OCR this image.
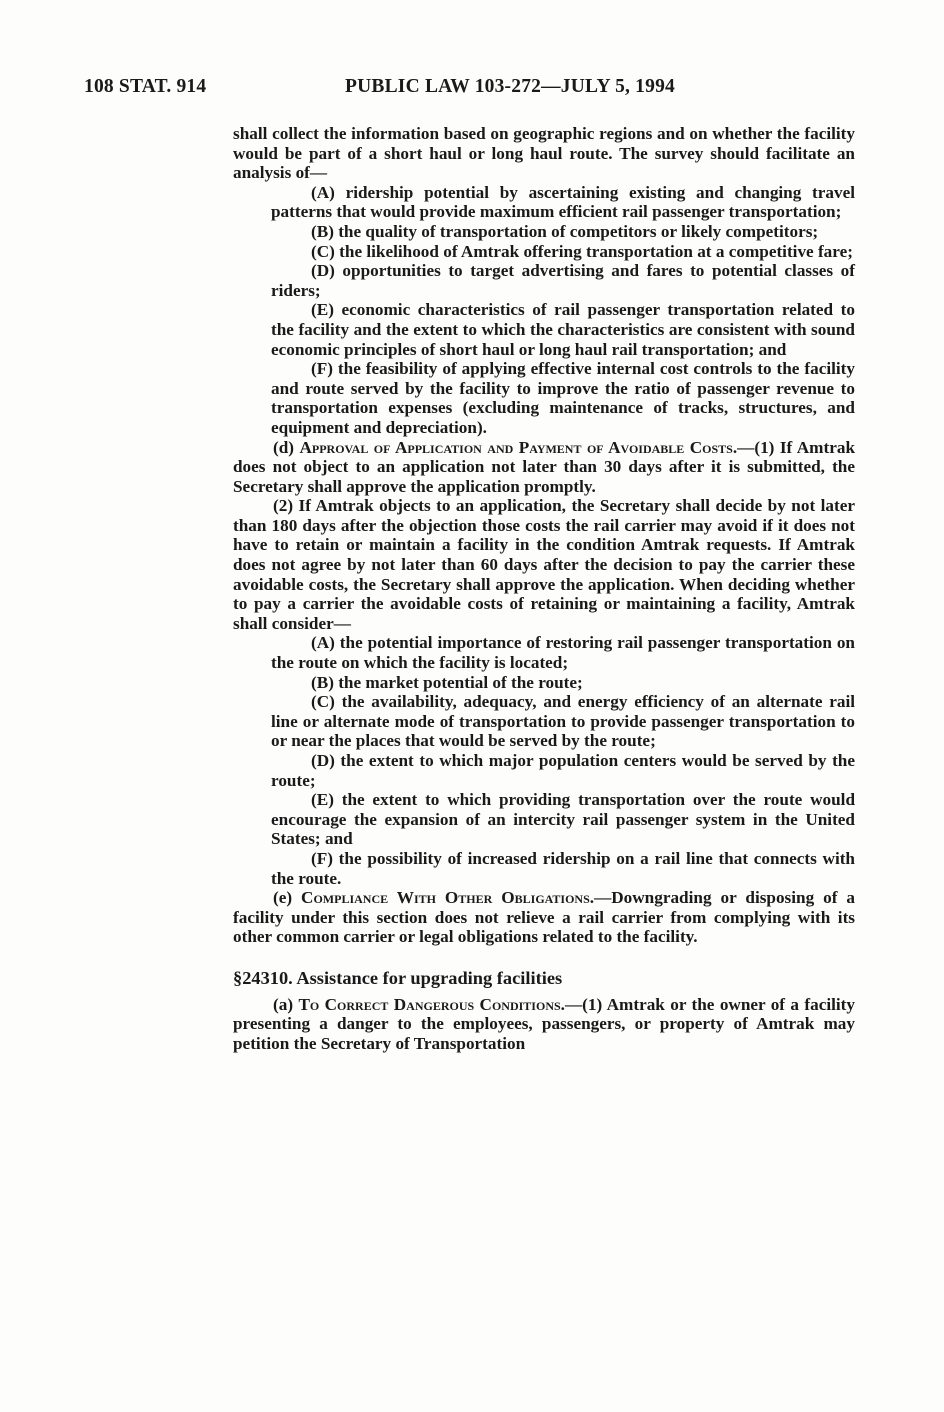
108 STAT. 914	PUBLIC LAW 103-272—JULY 5, 1994

shall collect the information based on geographic regions and on whether the facility would be part of a short haul or long haul route. The survey should facilitate an analysis of—

(A) ridership potential by ascertaining existing and changing travel patterns that would provide maximum efficient rail passenger transportation;

(B) the quality of transportation of competitors or likely competitors;

(C) the likelihood of Amtrak offering transportation at a competitive fare;

(D) opportunities to target advertising and fares to potential classes of riders;

(E) economic characteristics of rail passenger transportation related to the facility and the extent to which the characteristics are consistent with sound economic principles of short haul or long haul rail transportation; and

(F) the feasibility of applying effective internal cost controls to the facility and route served by the facility to improve the ratio of passenger revenue to transportation expenses (excluding maintenance of tracks, structures, and equipment and depreciation).

(d) Approval of Application and Payment of Avoidable Costs.—(1) If Amtrak does not object to an application not later than 30 days after it is submitted, the Secretary shall approve the application promptly.

(2) If Amtrak objects to an application, the Secretary shall decide by not later than 180 days after the objection those costs the rail carrier may avoid if it does not have to retain or maintain a facility in the condition Amtrak requests. If Amtrak does not agree by not later than 60 days after the decision to pay the carrier these avoidable costs, the Secretary shall approve the application. When deciding whether to pay a carrier the avoidable costs of retaining or maintaining a facility, Amtrak shall consider—

(A) the potential importance of restoring rail passenger transportation on the route on which the facility is located;

(B) the market potential of the route;

(C) the availability, adequacy, and energy efficiency of an alternate rail line or alternate mode of transportation to provide passenger transportation to or near the places that would be served by the route;

(D) the extent to which major population centers would be served by the route;

(E) the extent to which providing transportation over the route would encourage the expansion of an intercity rail passenger system in the United States; and

(F) the possibility of increased ridership on a rail line that connects with the route.

(e) Compliance With Other Obligations.—Downgrading or disposing of a facility under this section does not relieve a rail carrier from complying with its other common carrier or legal obligations related to the facility.

§24310. Assistance for upgrading facilities

(a) To Correct Dangerous Conditions.—(1) Amtrak or the owner of a facility presenting a danger to the employees, passengers, or property of Amtrak may petition the Secretary of Transportation
